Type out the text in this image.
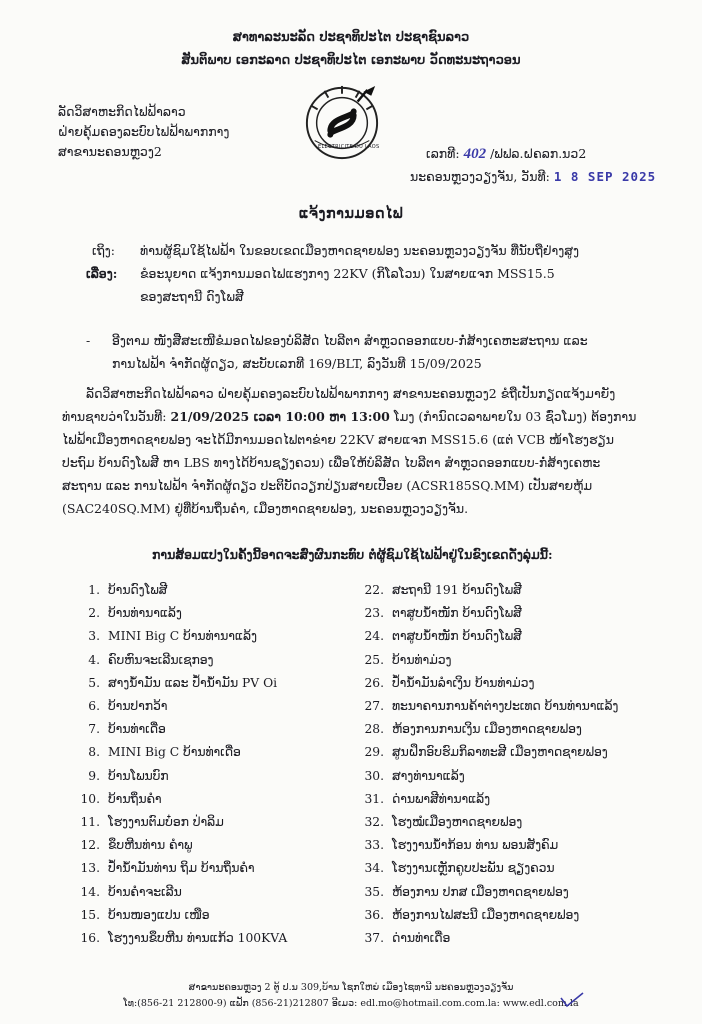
ສາທາລະນະລັດ ປະຊາທິປະໄຕ ປະຊາຊົນລາວ
ສັນຕິພາບ ເອກະລາດ ປະຊາທິປະໄຕ ເອກະພາບ ວັດທະນະຖາວອນ
ລັດວິສາຫະກິດໄຟຟ້າລາວ
ຝ່າຍຄຸ້ມຄອງລະບົບໄຟຟ້າພາກກາງ
ສາຂານະຄອນຫຼວງ2	ELECTRICITE DU LAOS	ເລກທີ: 402 /ຟຟລ.ຝຄລກ.ນວ2
ນະຄອນຫຼວງວຽງຈັນ, ວັນທີ: 1 8 SEP 2025
ແຈ້ງການມອດໄຟ
ເຖິງ: ທ່ານຜູ້ຊົມໃຊ້ໄຟຟ້າ ໃນຂອບເຂດເມືອງຫາດຊາຍຟອງ ນະຄອນຫຼວງວຽງຈັນ ທີ່ນັບຖືຢ່າງສູງ
ເລື່ອງ: ຂໍອະນຸຍາດ ແຈ້ງການມອດໄຟແຮງກາງ 22KV (ກິໂລໂວນ) ໃນສາຍແຈກ MSS15.5
ຂອງສະຖານີ ດົງໂພສີ
- ອີງຕາມ ໜັງສືສະເໜີຂໍມອດໄຟຂອງບໍລິສັດ ໄບລີຕາ ສຳຫຼວດອອກແບບ-ກໍ່ສ້າງເຄຫະສະຖານ ແລະ
ການໄຟຟ້າ ຈຳກັດຜູ້ດຽວ, ສະບັບເລກທີ 169/BLT, ລົງວັນທີ 15/09/2025
ລັດວິສາຫະກິດໄຟຟ້າລາວ ຝ່າຍຄຸ້ມຄອງລະບົບໄຟຟ້າພາກກາງ ສາຂານະຄອນຫຼວງ2 ຂໍຖືເປັນກຽດແຈ້ງມາຍັງ
ທ່ານຊາບວ່າໃນວັນທີ: 21/09/2025 ເວລາ 10:00 ຫາ 13:00 ໂມງ (ກຳນົດເວລາພາຍໃນ 03 ຊົ່ວໂມງ) ຕ້ອງການ
ໄຟຟ້າເມືອງຫາດຊາຍຟອງ ຈະໄດ້ມີການມອດໄຟຕາຂ່າຍ 22KV ສາຍແຈກ MSS15.6 (ແຕ່ VCB ໜ້າໂຮງຮຽນ
ປະຖົມ ບ້ານດົງໂພສີ ຫາ LBS ທາງໄດ້ບ້ານຊຽງຄວນ) ເພື່ອໃຫ້ບໍລິສັດ ໄບລີຕາ ສຳຫຼວດອອກແບບ-ກໍ່ສ້າງເຄຫະ
ສະຖານ ແລະ ການໄຟຟ້າ ຈຳກັດຜູ້ດຽວ ປະຕິບັດວຽກປ່ຽນສາຍເປືອຍ (ACSR185SQ.MM) ເປັນສາຍຫຸ້ມ
(SAC240SQ.MM) ຢູ່ທີ່ບ້ານຖິ່ນຄຳ, ເມືອງຫາດຊາຍຟອງ, ນະຄອນຫຼວງວຽງຈັນ.
ການສ້ອມແປງໃນຄັ້ງນີ້ອາດຈະສົ່ງຜົນກະທົບ ຕໍ່ຜູ້ຊົມໃຊ້ໄຟຟ້າຢູ່ໃນຂົງເຂດດັ່ງລຸ່ມນີ້:
1. ບ້ານດົງໂພສີ
2. ບ້ານທ່ານາແລ້ງ
3. MINI Big C ບ້ານທ່ານາແລ້ງ
4. ຄົບຫົນຈະເລີນເຊກອງ
5. ສາງນ້ຳມັນ ແລະ ປ້ຳນ້ຳມັນ PV Oi
6. ບ້ານປາກວ້າ
7. ບ້ານທ່າເດື່ອ
8. MINI Big C ບ້ານທ່າເດື່ອ
9. ບ້ານໂພນບົກ
10. ບ້ານຖິ່ນຄຳ
11. ໂຮງງານຕົມບ໋ອກ ປ່າລິມ
12. ຂຶບຫີນທ່ານ ຄຳພູ
13. ປ້ຳນ້ຳມັນທ່ານ ຖິມ ບ້ານຖິ່ນຄຳ
14. ບ້ານຄຳຈະເລີນ
15. ບ້ານໜອງແປນ ເໜືອ
16. ໂຮງງານຂຶບຫີນ ທ່ານແກ້ວ 100KVA
22. ສະຖານີ 191 ບ້ານດົງໂພສີ
23. ຕາສູບນ້ຳໜັກ ບ້ານດົງໂພສີ
24. ຕາສູບນ້ຳໜັກ ບ້ານດົງໂພສີ
25. ບ້ານທ່າມ່ວງ
26. ປ້ຳນ້ຳມັນລຳເງິນ ບ້ານທ່າມ່ວງ
27. ທະນາຄານການຄ້າຕ່າງປະເທດ ບ້ານທ່ານາແລ້ງ
28. ຫ້ອງການການເງິນ ເມືອງຫາດຊາຍຟອງ
29. ສູນຝຶກອົບຮົມກິລາທະສີ ເມືອງຫາດຊາຍຟອງ
30. ສາງທ່ານາແລ້ງ
31. ດ່ານພາສີທ່ານາແລ້ງ
32. ໂຮງໝໍເມືອງຫາດຊາຍຟອງ
33. ໂຮງງານນ້ຳກ້ອນ ທ່ານ ພອນສັງຄົມ
34. ໂຮງງານເຫຼັກຄູບປະພັນ ຊຽງຄວນ
35. ຫ້ອງການ ປກສ ເມືອງຫາດຊາຍຟອງ
36. ຫ້ອງການໄຟສະນີ ເມືອງຫາດຊາຍຟອງ
37. ດ່ານທ່າເດື່ອ
ສາຂານະຄອນຫຼວງ 2 ຕູ້ ປ.ນ 309,ບ້ານ ໂຊກໃຫຍ່ ເມືອງໄຊທານີ ນະຄອນຫຼວງວຽງຈັນ
ໂທ:(856-21 212800-9) ແຟັກ (856-21)212807 ອີເມວ: edl.mo@hotmail.com.com.la: www.edl.com.la
